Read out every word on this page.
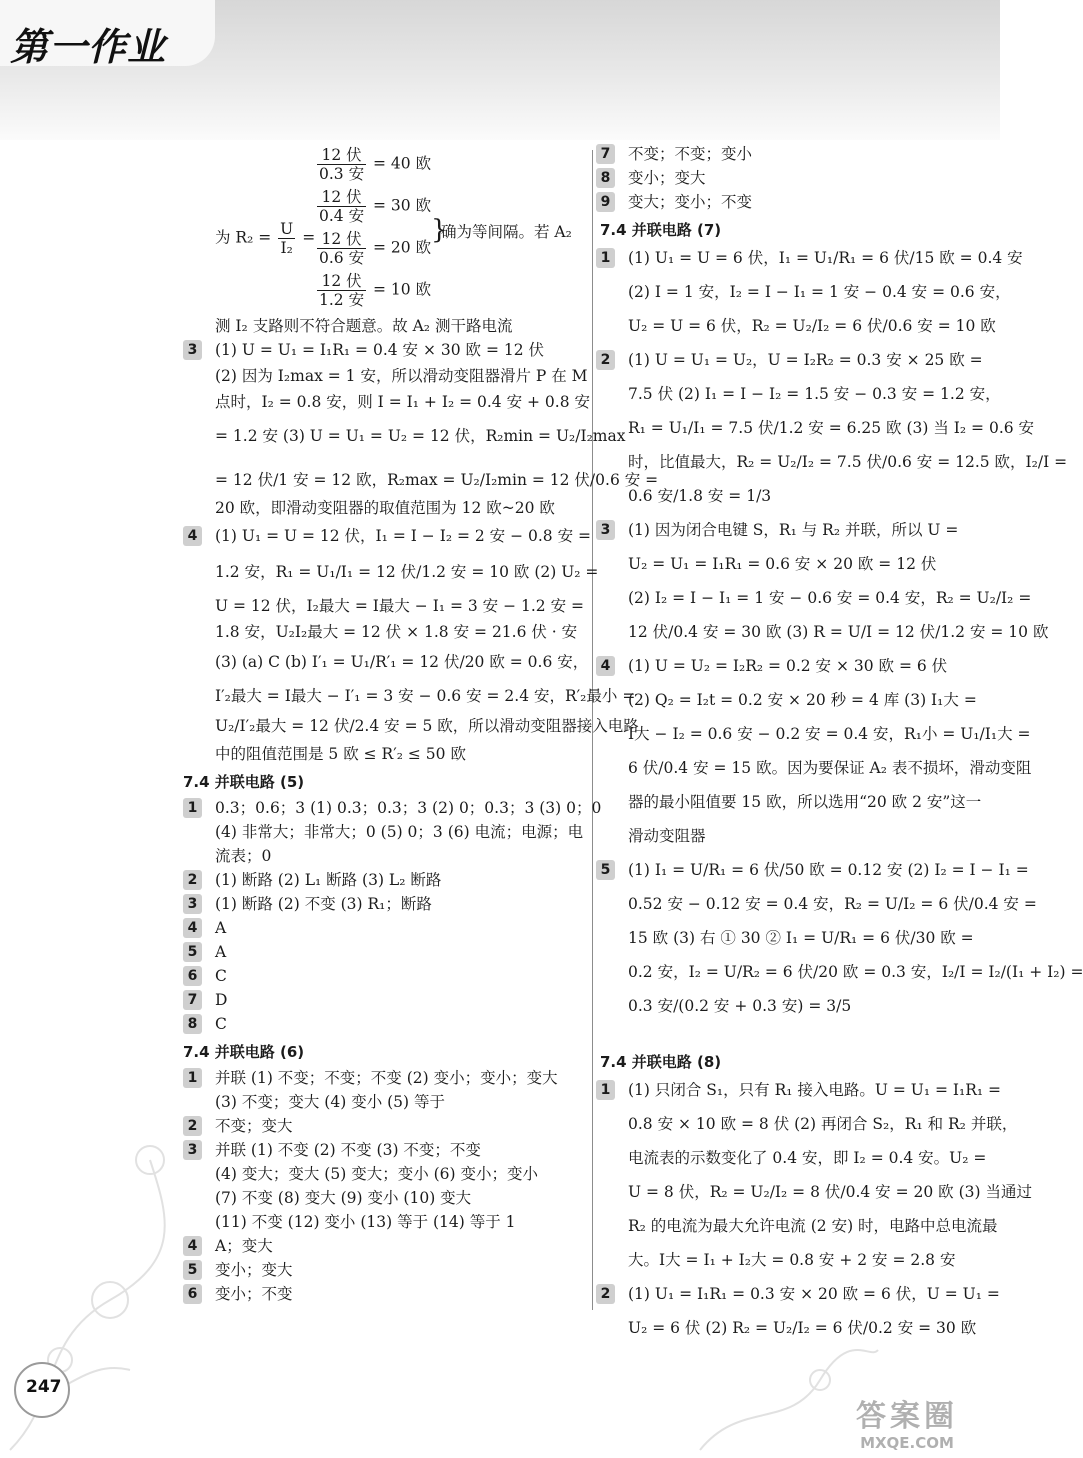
第一作业
$\frac{\text{12 伏}}{\text{0.3 安}} = 40$ 欧
$\frac{\text{12 伏}}{\text{0.4 安}} = 30$ 欧
为 $R_2 = \frac{U}{\text{I₂}} = \frac{\text{12 伏}}{\text{0.6 安}} = 20$ 欧
$\frac{\text{12 伏}}{\text{1.2 安}} = 10$ 欧
}
确为等间隔。若 A₂
测 I₂ 支路则不符合题意。故 A₂ 测干路电流
3 (1) U = U₁ = I₁R₁ = 0.4 安 × 30 欧 = 12 伏
(2) 因为 I₂max = 1 安，所以滑动变阻器滑片 P 在 M
点时，I₂ = 0.8 安，则 I = I₁ + I₂ = 0.4 安 + 0.8 安
= 1.2 安 (3) U = U₁ = U₂ = 12 伏，R₂min = U₂/I₂max
= 12 伏/1 安 = 12 欧，R₂max = U₂/I₂min = 12 伏/0.6 安 =
20 欧，即滑动变阻器的取值范围为 12 欧~20 欧
4 (1) U₁ = U = 12 伏，I₁ = I − I₂ = 2 安 − 0.8 安 =
1.2 安，R₁ = U₁/I₁ = 12 伏/1.2 安 = 10 欧 (2) U₂ =
U = 12 伏，I₂最大 = I最大 − I₁ = 3 安 − 1.2 安 =
1.8 安，U₂I₂最大 = 12 伏 × 1.8 安 = 21.6 伏 · 安
(3) (a) C (b) I′₁ = U₁/R′₁ = 12 伏/20 欧 = 0.6 安，
I′₂最大 = I最大 − I′₁ = 3 安 − 0.6 安 = 2.4 安，R′₂最小 =
U₂/I′₂最大 = 12 伏/2.4 安 = 5 欧，所以滑动变阻器接入电路
中的阻值范围是 5 欧 ≤ R′₂ ≤ 50 欧
7.4 并联电路 (5)
1 0.3；0.6；3 (1) 0.3；0.3；3 (2) 0；0.3；3 (3) 0；0
(4) 非常大；非常大；0 (5) 0；3 (6) 电流；电源；电
流表；0
2 (1) 断路 (2) L₁ 断路 (3) L₂ 断路
3 (1) 断路 (2) 不变 (3) R₁；断路
4 A
5 A
6 C
7 D
8 C
7.4 并联电路 (6)
1 并联 (1) 不变；不变；不变 (2) 变小；变小；变大
(3) 不变；变大 (4) 变小 (5) 等于
2 不变；变大
3 并联 (1) 不变 (2) 不变 (3) 不变；不变
(4) 变大；变大 (5) 变大；变小 (6) 变小；变小
(7) 不变 (8) 变大 (9) 变小 (10) 变大
(11) 不变 (12) 变小 (13) 等于 (14) 等于 1
4 A；变大
5 变小；变大
6 变小；不变
7 不变；不变；变小
8 变小；变大
9 变大；变小；不变
7.4 并联电路 (7)
1 (1) U₁ = U = 6 伏，I₁ = U₁/R₁ = 6 伏/15 欧 = 0.4 安
(2) I = 1 安，I₂ = I − I₁ = 1 安 − 0.4 安 = 0.6 安，
U₂ = U = 6 伏，R₂ = U₂/I₂ = 6 伏/0.6 安 = 10 欧
2 (1) U = U₁ = U₂，U = I₂R₂ = 0.3 安 × 25 欧 =
7.5 伏 (2) I₁ = I − I₂ = 1.5 安 − 0.3 安 = 1.2 安，
R₁ = U₁/I₁ = 7.5 伏/1.2 安 = 6.25 欧 (3) 当 I₂ = 0.6 安
时，比值最大，R₂ = U₂/I₂ = 7.5 伏/0.6 安 = 12.5 欧，I₂/I =
0.6 安/1.8 安 = 1/3
3 (1) 因为闭合电键 S，R₁ 与 R₂ 并联，所以 U =
U₂ = U₁ = I₁R₁ = 0.6 安 × 20 欧 = 12 伏
(2) I₂ = I − I₁ = 1 安 − 0.6 安 = 0.4 安，R₂ = U₂/I₂ =
12 伏/0.4 安 = 30 欧 (3) R = U/I = 12 伏/1.2 安 = 10 欧
4 (1) U = U₂ = I₂R₂ = 0.2 安 × 30 欧 = 6 伏
(2) Q₂ = I₂t = 0.2 安 × 20 秒 = 4 库 (3) I₁大 =
I大 − I₂ = 0.6 安 − 0.2 安 = 0.4 安，R₁小 = U₁/I₁大 =
6 伏/0.4 安 = 15 欧。因为要保证 A₂ 表不损坏，滑动变阻
器的最小阻值要 15 欧，所以选用“20 欧 2 安”这一
滑动变阻器
5 (1) I₁ = U/R₁ = 6 伏/50 欧 = 0.12 安 (2) I₂ = I − I₁ =
0.52 安 − 0.12 安 = 0.4 安，R₂ = U/I₂ = 6 伏/0.4 安 =
15 欧 (3) 右 ① 30 ② I₁ = U/R₁ = 6 伏/30 欧 =
0.2 安，I₂ = U/R₂ = 6 伏/20 欧 = 0.3 安，I₂/I = I₂/(I₁ + I₂) =
0.3 安/(0.2 安 + 0.3 安) = 3/5
7.4 并联电路 (8)
1 (1) 只闭合 S₁，只有 R₁ 接入电路。U = U₁ = I₁R₁ =
0.8 安 × 10 欧 = 8 伏 (2) 再闭合 S₂，R₁ 和 R₂ 并联，
电流表的示数变化了 0.4 安，即 I₂ = 0.4 安。U₂ =
U = 8 伏，R₂ = U₂/I₂ = 8 伏/0.4 安 = 20 欧 (3) 当通过
R₂ 的电流为最大允许电流 (2 安) 时，电路中总电流最
大。I大 = I₁ + I₂大 = 0.8 安 + 2 安 = 2.8 安
2 (1) U₁ = I₁R₁ = 0.3 安 × 20 欧 = 6 伏，U = U₁ =
U₂ = 6 伏 (2) R₂ = U₂/I₂ = 6 伏/0.2 安 = 30 欧
247
答案圈
MXQE.COM
